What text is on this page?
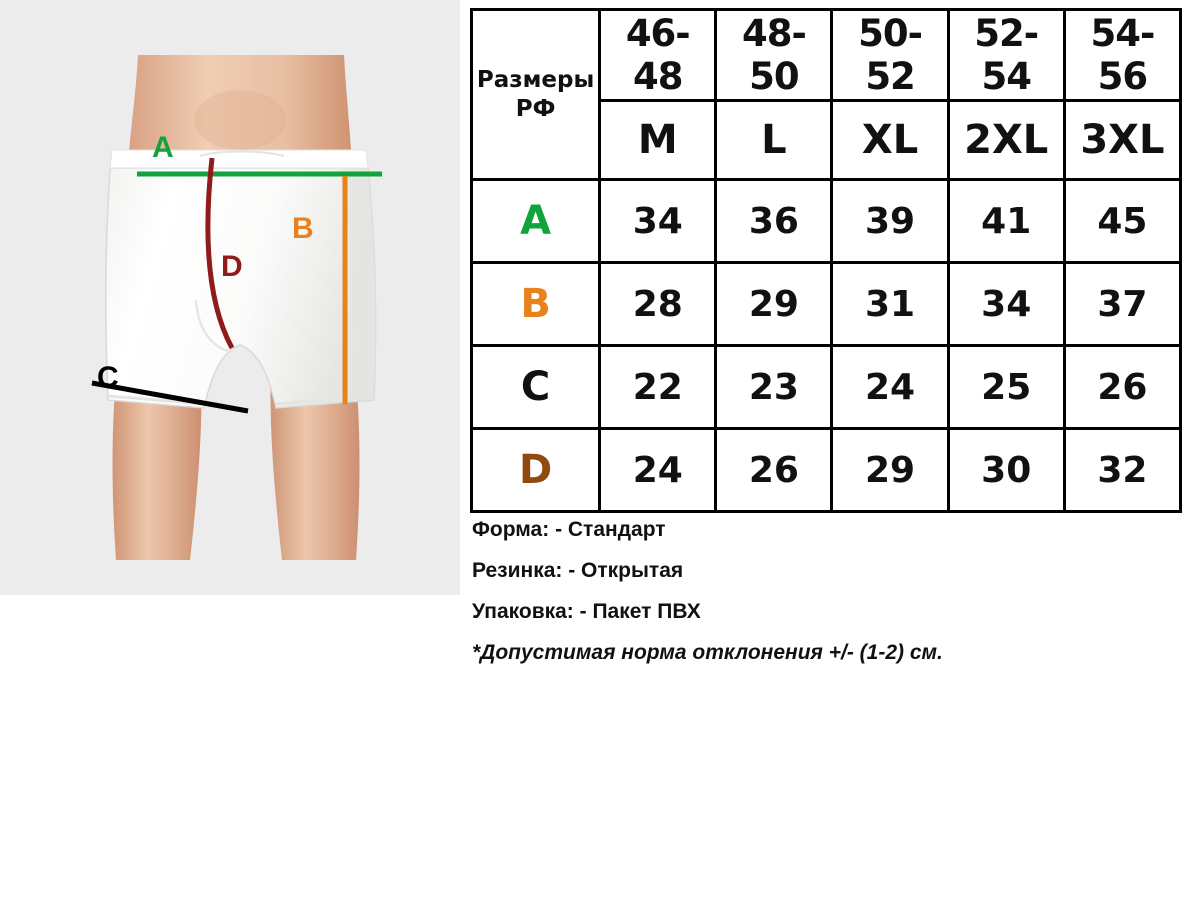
A
B
C
D
Размеры
РФ	46-48	48-50	50-52	52-54	54-56
	M	L	XL	2XL	3XL
A	34	36	39	41	45
B	28	29	31	34	37
C	22	23	24	25	26
D	24	26	29	30	32

Форма: - Стандарт

Резинка: - Открытая

Упаковка: - Пакет ПВХ

*Допустимая норма отклонения +/- (1-2) см.
